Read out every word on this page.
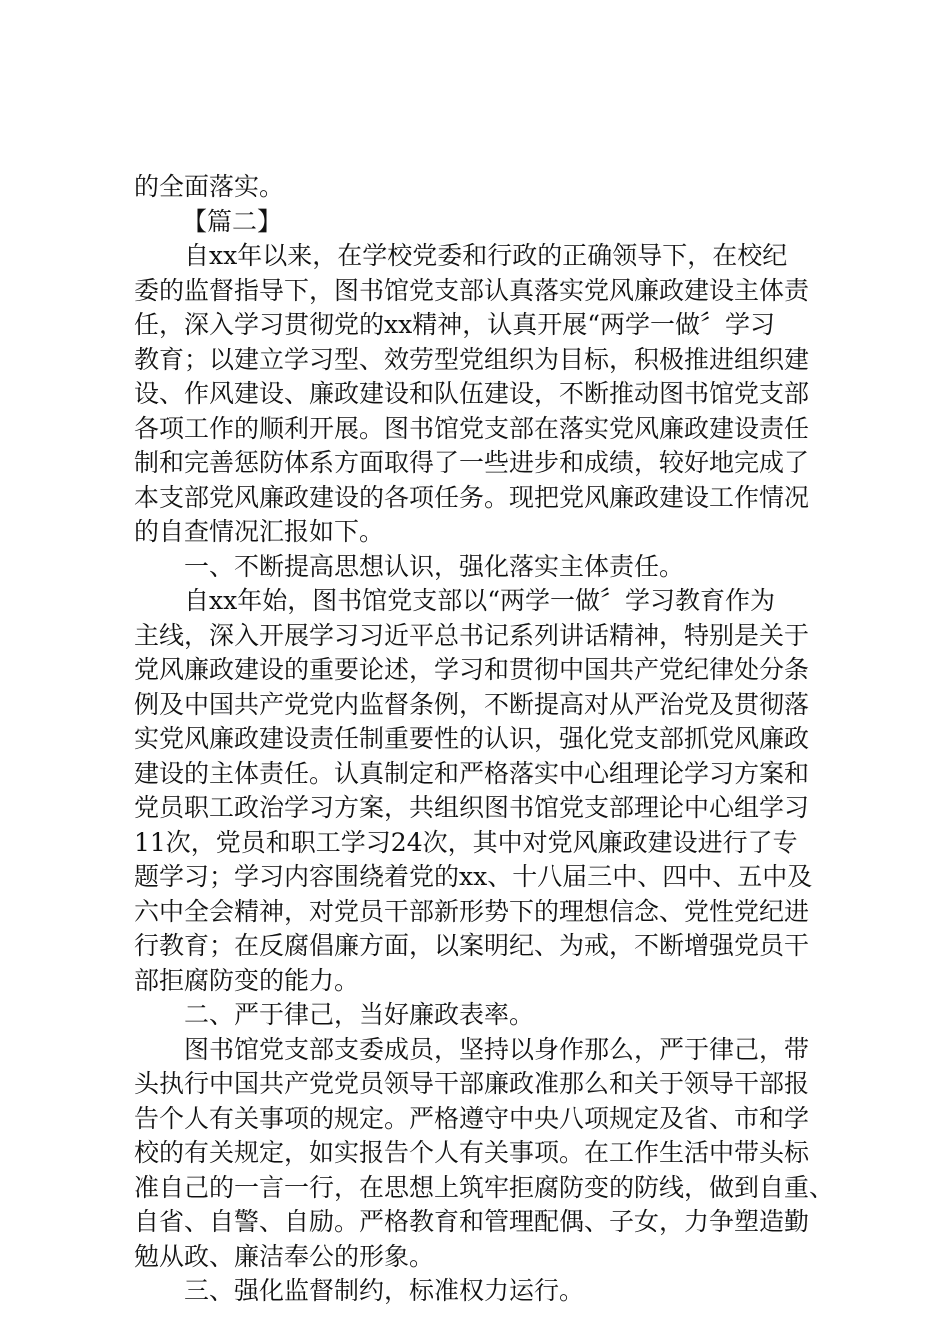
的全面落实。
【篇二】
自xx年以来，在学校党委和行政的正确领导下，在校纪
委的监督指导下，图书馆党支部认真落实党风廉政建设主体责
任，深入学习贯彻党的xx精神，认真开展“两学一做〞学习
教育；以建立学习型、效劳型党组织为目标，积极推进组织建
设、作风建设、廉政建设和队伍建设，不断推动图书馆党支部
各项工作的顺利开展。图书馆党支部在落实党风廉政建设责任
制和完善惩防体系方面取得了一些进步和成绩，较好地完成了
本支部党风廉政建设的各项任务。现把党风廉政建设工作情况
的自查情况汇报如下。
一、不断提高思想认识，强化落实主体责任。
自xx年始，图书馆党支部以“两学一做〞学习教育作为
主线，深入开展学习习近平总书记系列讲话精神，特别是关于
党风廉政建设的重要论述，学习和贯彻中国共产党纪律处分条
例及中国共产党党内监督条例，不断提高对从严治党及贯彻落
实党风廉政建设责任制重要性的认识，强化党支部抓党风廉政
建设的主体责任。认真制定和严格落实中心组理论学习方案和
党员职工政治学习方案，共组织图书馆党支部理论中心组学习
11次，党员和职工学习24次，其中对党风廉政建设进行了专
题学习；学习内容围绕着党的xx、十八届三中、四中、五中及
六中全会精神，对党员干部新形势下的理想信念、党性党纪进
行教育；在反腐倡廉方面，以案明纪、为戒，不断增强党员干
部拒腐防变的能力。
二、严于律己，当好廉政表率。
图书馆党支部支委成员，坚持以身作那么，严于律己，带
头执行中国共产党党员领导干部廉政准那么和关于领导干部报
告个人有关事项的规定。严格遵守中央八项规定及省、市和学
校的有关规定，如实报告个人有关事项。在工作生活中带头标
准自己的一言一行，在思想上筑牢拒腐防变的防线，做到自重、
自省、自警、自励。严格教育和管理配偶、子女，力争塑造勤
勉从政、廉洁奉公的形象。
三、强化监督制约，标准权力运行。
